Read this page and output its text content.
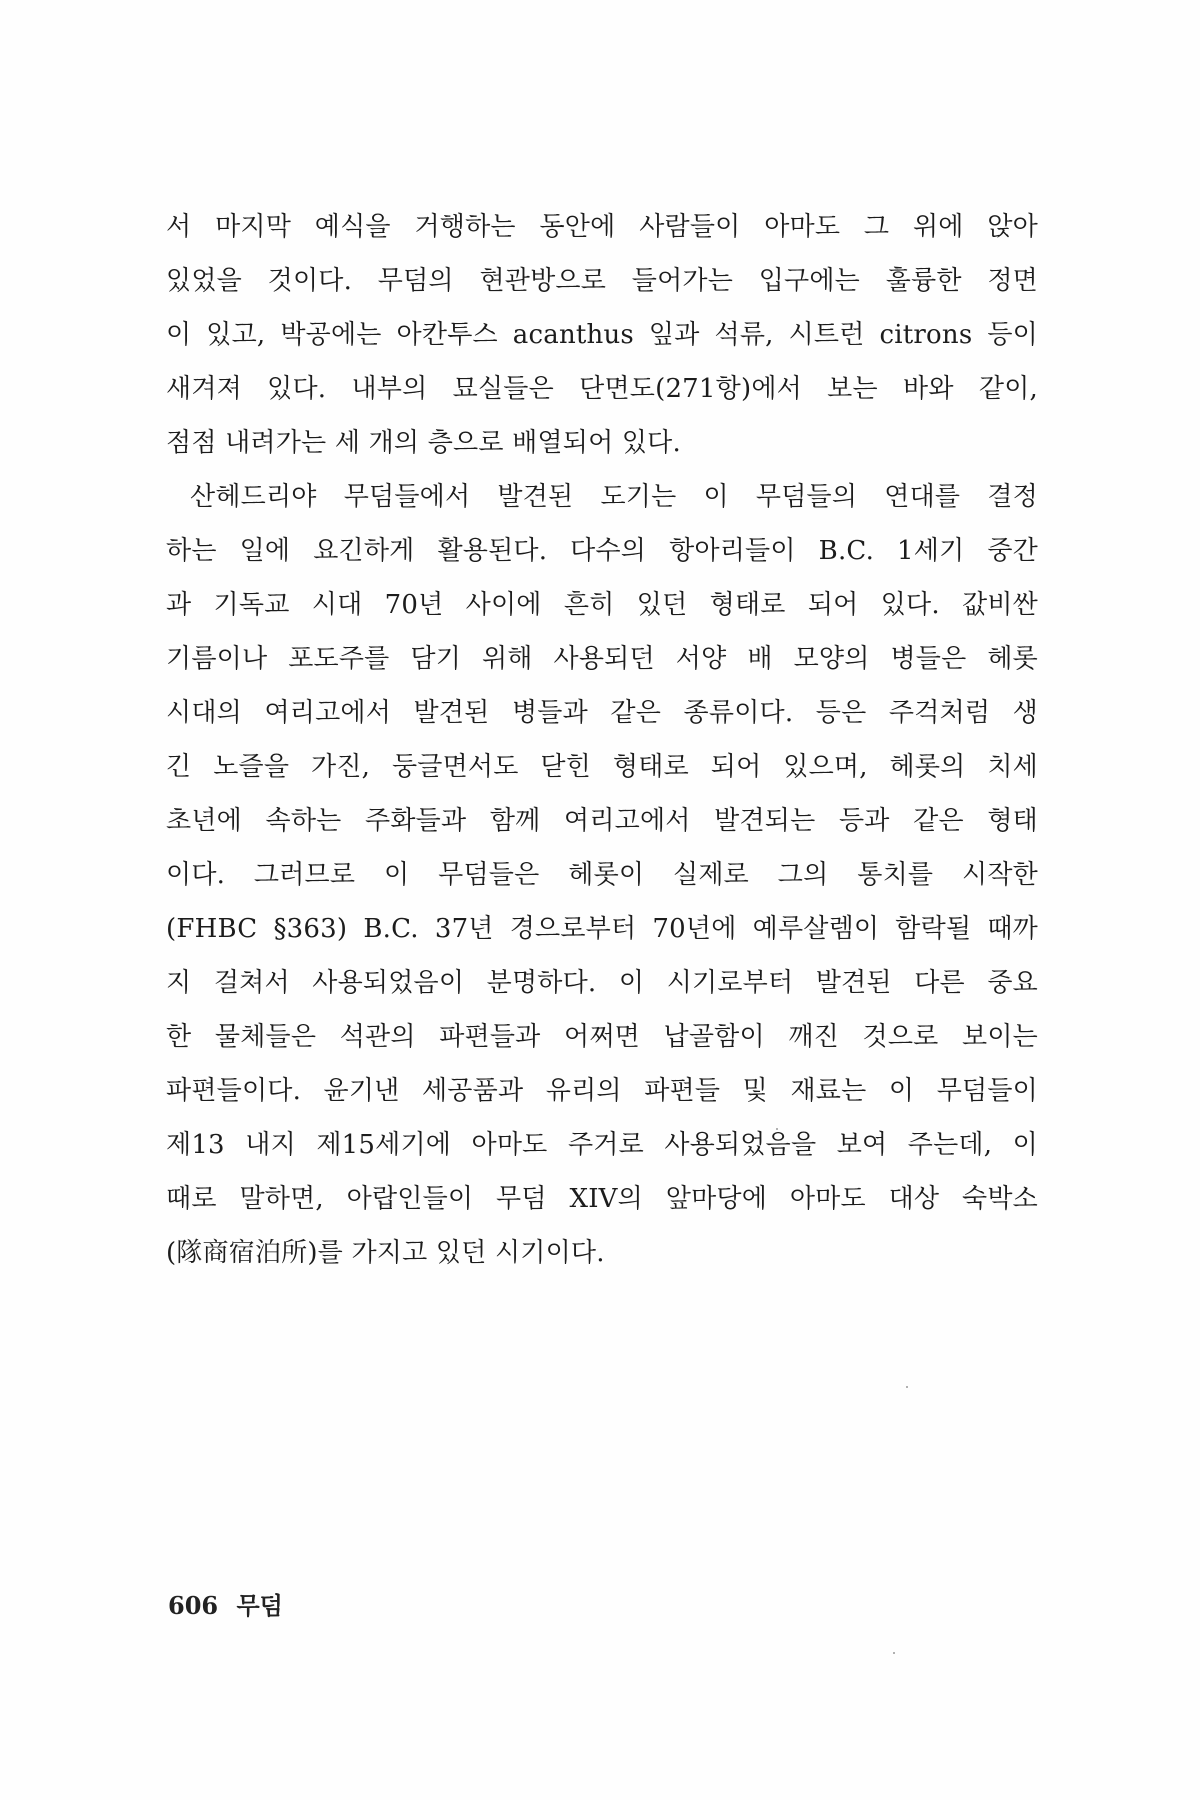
서 마지막 예식을 거행하는 동안에 사람들이 아마도 그 위에 앉아
있었을 것이다. 무덤의 현관방으로 들어가는 입구에는 훌륭한 정면
이 있고, 박공에는 아칸투스 acanthus 잎과 석류, 시트런 citrons 등이
새겨져 있다. 내부의 묘실들은 단면도(271항)에서 보는 바와 같이,
점점 내려가는 세 개의 층으로 배열되어 있다.
산헤드리야 무덤들에서 발견된 도기는 이 무덤들의 연대를 결정
하는 일에 요긴하게 활용된다. 다수의 항아리들이 B.C. 1세기 중간
과 기독교 시대 70년 사이에 흔히 있던 형태로 되어 있다. 값비싼
기름이나 포도주를 담기 위해 사용되던 서양 배 모양의 병들은 헤롯
시대의 여리고에서 발견된 병들과 같은 종류이다. 등은 주걱처럼 생
긴 노즐을 가진, 둥글면서도 닫힌 형태로 되어 있으며, 헤롯의 치세
초년에 속하는 주화들과 함께 여리고에서 발견되는 등과 같은 형태
이다. 그러므로 이 무덤들은 헤롯이 실제로 그의 통치를 시작한
(FHBC §363) B.C. 37년 경으로부터 70년에 예루살렘이 함락될 때까
지 걸쳐서 사용되었음이 분명하다. 이 시기로부터 발견된 다른 중요
한 물체들은 석관의 파편들과 어쩌면 납골함이 깨진 것으로 보이는
파편들이다. 윤기낸 세공품과 유리의 파편들 및 재료는 이 무덤들이
제13 내지 제15세기에 아마도 주거로 사용되었음을 보여 주는데, 이
때로 말하면, 아랍인들이 무덤 XIV의 앞마당에 아마도 대상 숙박소
(隊商宿泊所)를 가지고 있던 시기이다.
606 무덤
